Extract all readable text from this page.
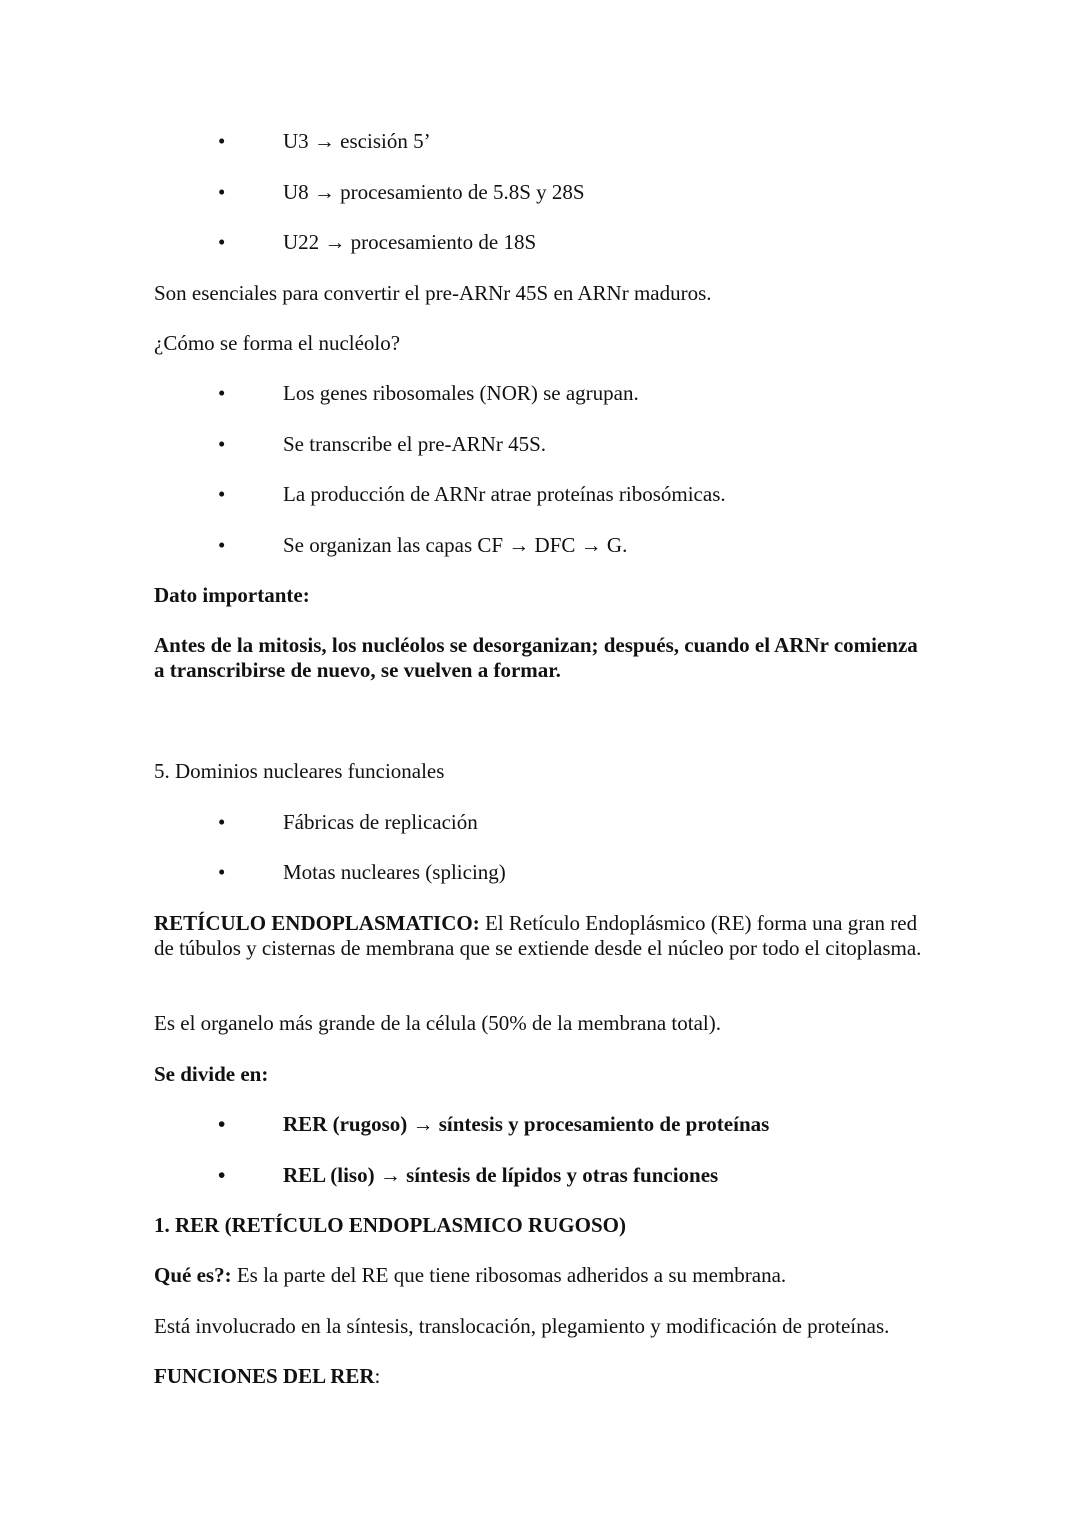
•	U3 → escisión 5’
•	U8 → procesamiento de 5.8S y 28S
•	U22 → procesamiento de 18S
Son esenciales para convertir el pre-ARNr 45S en ARNr maduros.
¿Cómo se forma el nucléolo?
•	Los genes ribosomales (NOR) se agrupan.
•	Se transcribe el pre-ARNr 45S.
•	La producción de ARNr atrae proteínas ribosómicas.
•	Se organizan las capas CF → DFC → G.
Dato importante:
Antes de la mitosis, los nucléolos se desorganizan; después, cuando el ARNr comienza a transcribirse de nuevo, se vuelven a formar.
5. Dominios nucleares funcionales
•	Fábricas de replicación
•	Motas nucleares (splicing)
RETÍCULO ENDOPLASMATICO: El Retículo Endoplásmico (RE) forma una gran red de túbulos y cisternas de membrana que se extiende desde el núcleo por todo el citoplasma.
Es el organelo más grande de la célula (50% de la membrana total).
Se divide en:
•	RER (rugoso) → síntesis y procesamiento de proteínas
•	REL (liso) → síntesis de lípidos y otras funciones
1. RER (RETÍCULO ENDOPLASMICO RUGOSO)
Qué es?: Es la parte del RE que tiene ribosomas adheridos a su membrana.
Está involucrado en la síntesis, translocación, plegamiento y modificación de proteínas.
FUNCIONES DEL RER:
